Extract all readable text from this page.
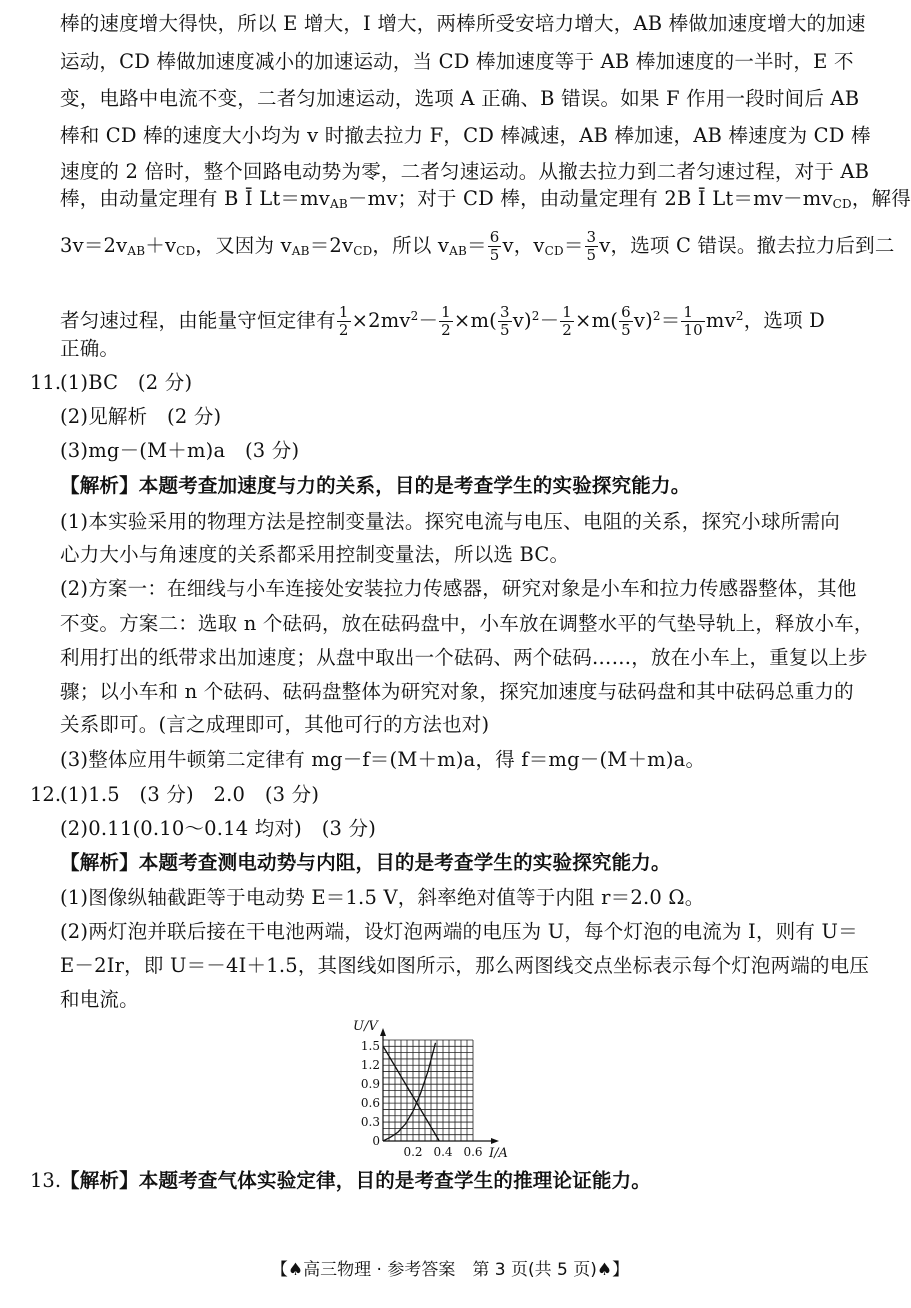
棒的速度增大得快，所以 E 增大，I 增大，两棒所受安培力增大，AB 棒做加速度增大的加速
运动，CD 棒做加速度减小的加速运动，当 CD 棒加速度等于 AB 棒加速度的一半时，E 不
变，电路中电流不变，二者匀加速运动，选项 A 正确、B 错误。如果 F 作用一段时间后 AB
棒和 CD 棒的速度大小均为 v 时撤去拉力 F，CD 棒减速，AB 棒加速，AB 棒速度为 CD 棒
速度的 2 倍时，整个回路电动势为零，二者匀速运动。从撤去拉力到二者匀速过程，对于 AB
棒，由动量定理有 B Ī $Lt=mv_{AB}-mv$；对于 CD 棒，由动量定理有 2B Ī $Lt=mv-mv_{CD}$，解得
$3v=2v_{AB}+v_{CD}$，又因为 $v_{AB}=2v_{CD}$，所以 $v_{AB}= \frac{6}{5}$ v，$v_{CD}= \frac{3}{5}$ v，选项 C 错误。撤去拉力后到二
者匀速过程，由能量守恒定律有 $\frac{1}{2} \times 2mv^2- \frac{1}{2} \times m( \frac{3}{5} v)^2- \frac{1}{2} \times m( \frac{6}{5} v)^2= \frac{1}{10} mv^2$，选项 D
正确。
11.
(1)BC　(2 分)
(2)见解析　(2 分)
(3)mg－(M＋m)a　(3 分)
【解析】本题考查加速度与力的关系，目的是考查学生的实验探究能力。
(1)本实验采用的物理方法是控制变量法。探究电流与电压、电阻的关系，探究小球所需向
心力大小与角速度的关系都采用控制变量法，所以选 BC。
(2)方案一：在细线与小车连接处安装拉力传感器，研究对象是小车和拉力传感器整体，其他
不变。方案二：选取 n 个砝码，放在砝码盘中，小车放在调整水平的气垫导轨上，释放小车，
利用打出的纸带求出加速度；从盘中取出一个砝码、两个砝码……，放在小车上，重复以上步
骤；以小车和 n 个砝码、砝码盘整体为研究对象，探究加速度与砝码盘和其中砝码总重力的
关系即可。(言之成理即可，其他可行的方法也对)
(3)整体应用牛顿第二定律有 mg－f＝(M＋m)a，得 f＝mg－(M＋m)a。
12.
(1)1.5　(3 分)　2.0　(3 分)
(2)0.11(0.10～0.14 均对)　(3 分)
【解析】本题考查测电动势与内阻，目的是考查学生的实验探究能力。
(1)图像纵轴截距等于电动势 E＝1.5 V，斜率绝对值等于内阻 r＝2.0 Ω。
(2)两灯泡并联后接在干电池两端，设灯泡两端的电压为 U，每个灯泡的电流为 I，则有 U＝
E－2Ir，即 U＝－4I＋1.5，其图线如图所示，那么两图线交点坐标表示每个灯泡两端的电压
和电流。
0
0.3
0.6
0.9
1.2
1.5
0.2 0.4 0.6
U/V
I/A
13.
【解析】本题考查气体实验定律，目的是考查学生的推理论证能力。
【♠高三物理 · 参考答案　第 3 页(共 5 页)♠】
